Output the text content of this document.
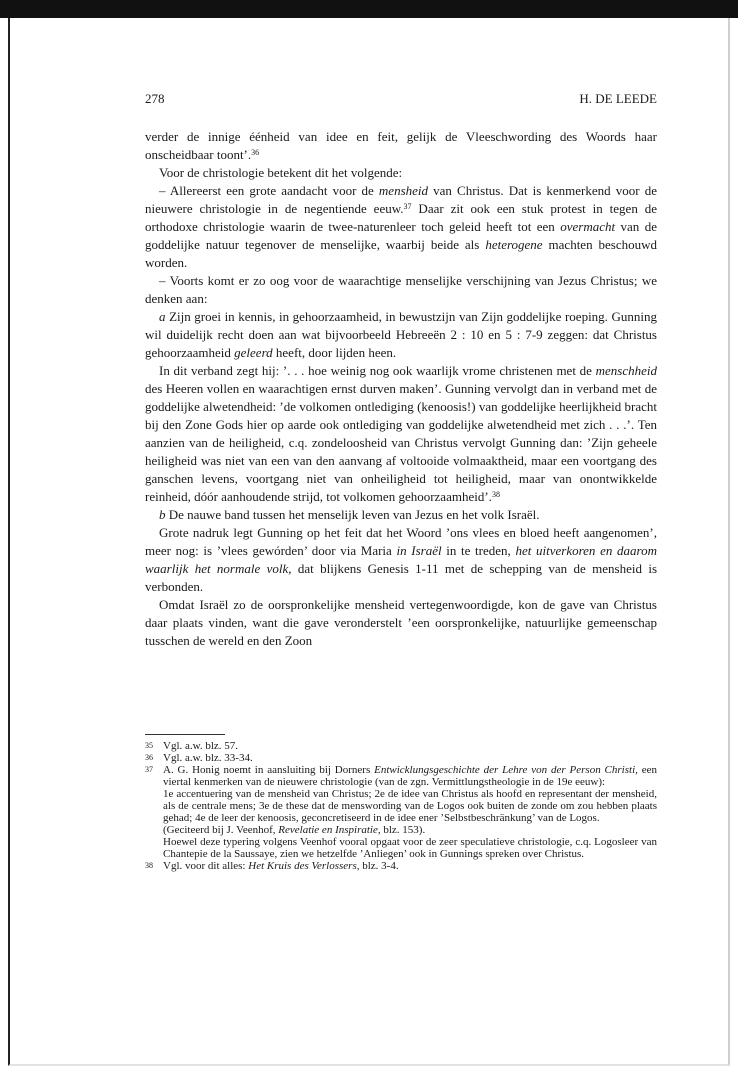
278	H. DE LEEDE

verder de innige éénheid van idee en feit, gelijk de Vleeschwording des Woords haar onscheidbaar toont’.$^{36}$

Voor de christologie betekent dit het volgende:

– Allereerst een grote aandacht voor de mensheid van Christus. Dat is kenmerkend voor de nieuwere christologie in de negentiende eeuw.$^{37}$ Daar zit ook een stuk protest in tegen de orthodoxe christologie waarin de twee-naturenleer toch geleid heeft tot een overmacht van de goddelijke natuur tegenover de menselijke, waarbij beide als heterogene machten beschouwd worden.

– Voorts komt er zo oog voor de waarachtige menselijke verschijning van Jezus Christus; we denken aan:

a Zijn groei in kennis, in gehoorzaamheid, in bewustzijn van Zijn goddelijke roeping. Gunning wil duidelijk recht doen aan wat bijvoorbeeld Hebreeën 2 : 10 en 5 : 7-9 zeggen: dat Christus gehoorzaamheid geleerd heeft, door lijden heen.

In dit verband zegt hij: ’. . . hoe weinig nog ook waarlijk vrome christenen met de menschheid des Heeren vollen en waarachtigen ernst durven maken’. Gunning vervolgt dan in verband met de goddelijke alwetendheid: ’de volkomen ontlediging (kenoosis!) van goddelijke heerlijkheid bracht bij den Zone Gods hier op aarde ook ontlediging van goddelijke alwetendheid met zich . . .’. Ten aanzien van de heiligheid, c.q. zondeloosheid van Christus vervolgt Gunning dan: ’Zijn geheele heiligheid was niet van een van den aanvang af voltooide volmaaktheid, maar een voortgang des ganschen levens, voortgang niet van onheiligheid tot heiligheid, maar van onontwikkelde reinheid, dóór aanhoudende strijd, tot volkomen gehoorzaamheid’.$^{38}$

b De nauwe band tussen het menselijk leven van Jezus en het volk Israël.

Grote nadruk legt Gunning op het feit dat het Woord ’ons vlees en bloed heeft aangenomen’, meer nog: is ’vlees gewórden’ door via Maria in Israël in te treden, het uitverkoren en daarom waarlijk het normale volk, dat blijkens Genesis 1-11 met de schepping van de mensheid is verbonden.

Omdat Israël zo de oorspronkelijke mensheid vertegenwoordigde, kon de gave van Christus daar plaats vinden, want die gave veronderstelt ’een oorspronkelijke, natuurlijke gemeenschap tusschen de wereld en den Zoon

35 Vgl. a.w. blz. 57.
36 Vgl. a.w. blz. 33-34.
37 A. G. Honig noemt in aansluiting bij Dorners Entwicklungsgeschichte der Lehre von der Person Christi, een viertal kenmerken van de nieuwere christologie (van de zgn. Vermittlungstheologie in de 19e eeuw):
1e accentuering van de mensheid van Christus; 2e de idee van Christus als hoofd en representant der mensheid, als de centrale mens; 3e de these dat de menswording van de Logos ook buiten de zonde om zou hebben plaats gehad; 4e de leer der kenoosis, geconcretiseerd in de idee ener ’Selbstbeschränkung’ van de Logos.
(Geciteerd bij J. Veenhof, Revelatie en Inspiratie, blz. 153).
Hoewel deze typering volgens Veenhof vooral opgaat voor de zeer speculatieve christologie, c.q. Logosleer van Chantepie de la Saussaye, zien we hetzelfde ’Anliegen’ ook in Gunnings spreken over Christus.
38 Vgl. voor dit alles: Het Kruis des Verlossers, blz. 3-4.
